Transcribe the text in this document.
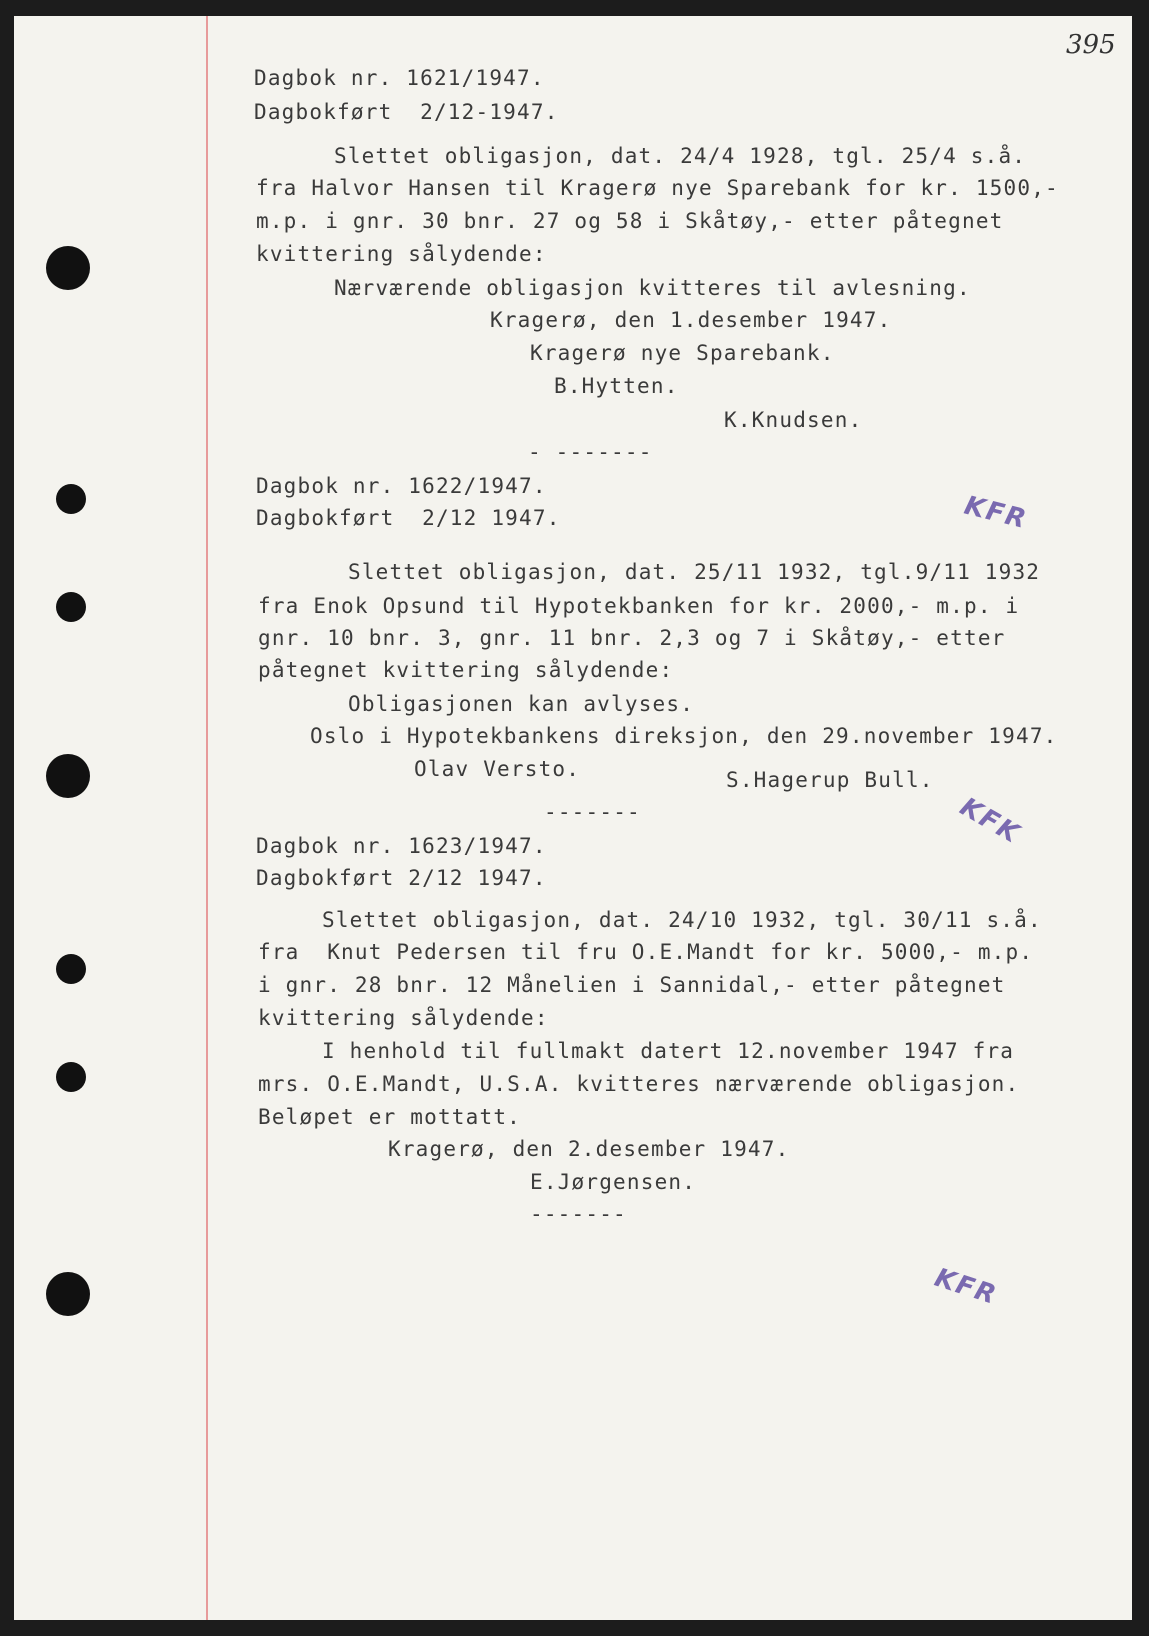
395
Dagbok nr. 1621/1947.
Dagbokført  2/12-1947.
Slettet obligasjon, dat. 24/4 1928, tgl. 25/4 s.å.
fra Halvor Hansen til Kragerø nye Sparebank for kr. 1500,-
m.p. i gnr. 30 bnr. 27 og 58 i Skåtøy,- etter påtegnet
kvittering sålydende:
Nærværende obligasjon kvitteres til avlesning.
Kragerø, den 1.desember 1947.
Kragerø nye Sparebank.
B.Hytten.
K.Knudsen.
- -------
KFR
Dagbok nr. 1622/1947.
Dagbokført  2/12 1947.
Slettet obligasjon, dat. 25/11 1932, tgl.9/11 1932
fra Enok Opsund til Hypotekbanken for kr. 2000,- m.p. i
gnr. 10 bnr. 3, gnr. 11 bnr. 2,3 og 7 i Skåtøy,- etter
påtegnet kvittering sålydende:
Obligasjonen kan avlyses.
Oslo i Hypotekbankens direksjon, den 29.november 1947.
Olav Versto.	S.Hagerup Bull.
-------	KFK
Dagbok nr. 1623/1947.
Dagbokført 2/12 1947.
Slettet obligasjon, dat. 24/10 1932, tgl. 30/11 s.å.
fra  Knut Pedersen til fru O.E.Mandt for kr. 5000,- m.p.
i gnr. 28 bnr. 12 Månelien i Sannidal,- etter påtegnet
kvittering sålydende:
I henhold til fullmakt datert 12.november 1947 fra
mrs. O.E.Mandt, U.S.A. kvitteres nærværende obligasjon.
Beløpet er mottatt.
Kragerø, den 2.desember 1947.
E.Jørgensen.
-------
KFR
